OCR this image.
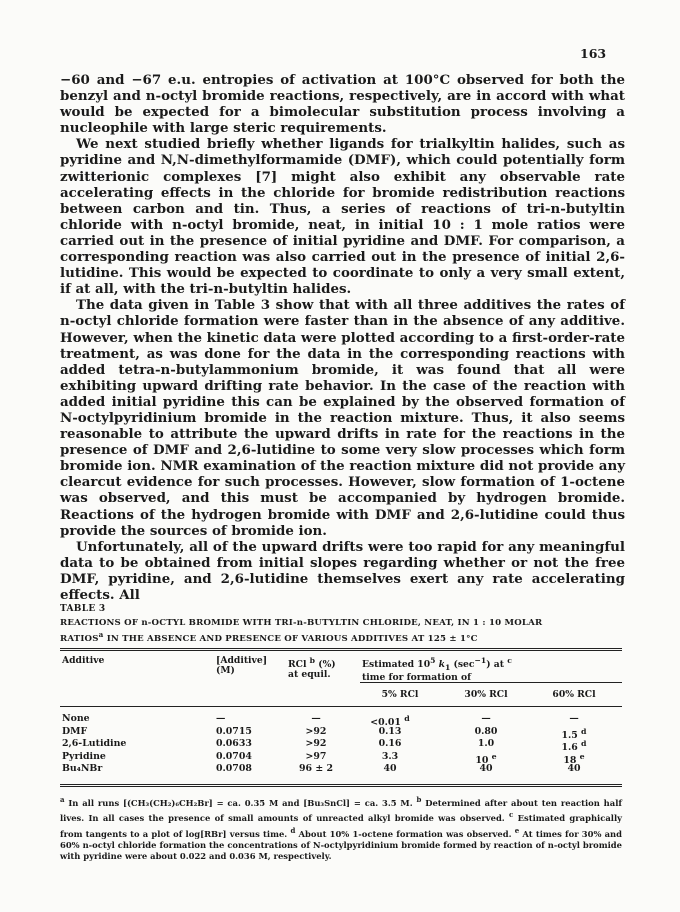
163

−60 and −67 e.u. entropies of activation at 100°C observed for both the benzyl and n-octyl bromide reactions, respectively, are in accord with what would be expected for a bimolecular substitution process involving a nucleophile with large steric requirements.

We next studied briefly whether ligands for trialkyltin halides, such as pyridine and N,N-dimethylformamide (DMF), which could potentially form zwitterionic complexes [7] might also exhibit any observable rate accelerating effects in the chloride for bromide redistribution reactions between carbon and tin. Thus, a series of reactions of tri-n-butyltin chloride with n-octyl bromide, neat, in initial 10 : 1 mole ratios were carried out in the presence of initial pyridine and DMF. For comparison, a corresponding reaction was also carried out in the presence of initial 2,6-lutidine. This would be expected to coordinate to only a very small extent, if at all, with the tri-n-butyltin halides.

The data given in Table 3 show that with all three additives the rates of n-octyl chloride formation were faster than in the absence of any additive. However, when the kinetic data were plotted according to a first-order-rate treatment, as was done for the data in the corresponding reactions with added tetra-n-butylammonium bromide, it was found that all were exhibiting upward drifting rate behavior. In the case of the reaction with added initial pyridine this can be explained by the observed formation of N-octylpyridinium bromide in the reaction mixture. Thus, it also seems reasonable to attribute the upward drifts in rate for the reactions in the presence of DMF and 2,6-lutidine to some very slow processes which form bromide ion. NMR examination of the reaction mixture did not provide any clearcut evidence for such processes. However, slow formation of 1-octene was observed, and this must be accompanied by hydrogen bromide. Reactions of the hydrogen bromide with DMF and 2,6-lutidine could thus provide the sources of bromide ion.

Unfortunately, all of the upward drifts were too rapid for any meaningful data to be obtained from initial slopes regarding whether or not the free DMF, pyridine, and 2,6-lutidine themselves exert any rate accelerating effects. All

TABLE 3
REACTIONS OF n-OCTYL BROMIDE WITH TRI-n-BUTYLTIN CHLORIDE, NEAT, IN 1 : 10 MOLAR
RATIOS$^a$ IN THE ABSENCE AND PRESENCE OF VARIOUS ADDITIVES AT 125 ± 1°C
Additive	[Additive]
(M)
RCl $^b$ (%)
at equil.
Estimated $10^5$ $k_1$ $(\sec^{-1})$ at $^c$
time for formation of
5% RCl	30% RCl	60% RCl
None	—	—	<0.01 $^d$	—	—
DMF	0.0715	>92	0.13	0.80	1.5 $^d$
2,6-Lutidine	0.0633	>92	0.16	1.0	1.6 $^d$
Pyridine	0.0704	>97	3.3	10 $^e$	18 $^e$
Bu₄NBr	0.0708	96 ± 2	40	40	40

$^a$ In all runs [(CH₃(CH₂)₆CH₂Br] = ca. 0.35 M and [Bu₃SnCl] = ca. 3.5 M. $^b$ Determined after about ten reaction half lives. In all cases the presence of small amounts of unreacted alkyl bromide was observed. $^c$ Estimated graphically from tangents to a plot of log[RBr] versus time. $^d$ About 10% 1-octene formation was observed. $^e$ At times for 30% and 60% n-octyl chloride formation the concentrations of N-octylpyridinium bromide formed by reaction of n-octyl bromide with pyridine were about 0.022 and 0.036 M, respectively.
